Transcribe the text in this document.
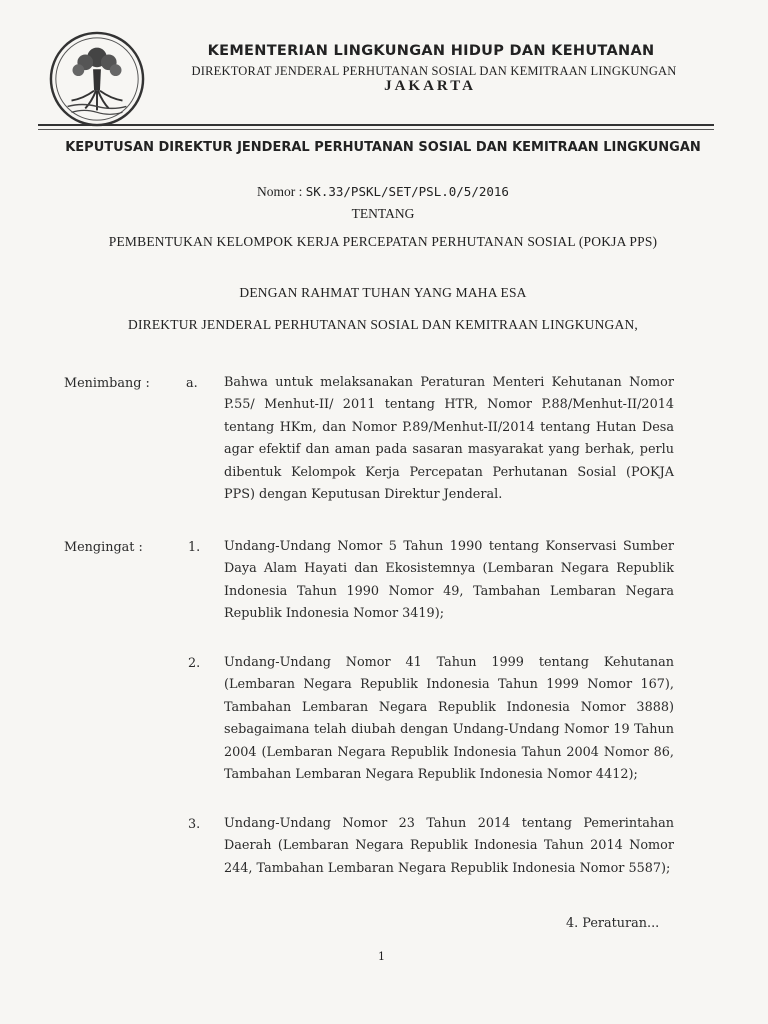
KEMENTERIAN LINGKUNGAN HIDUP DAN KEHUTANAN
DIREKTORAT JENDERAL PERHUTANAN SOSIAL DAN KEMITRAAN LINGKUNGAN
JAKARTA
KEPUTUSAN DIREKTUR JENDERAL PERHUTANAN SOSIAL DAN KEMITRAAN LINGKUNGAN
Nomor : SK.33/PSKL/SET/PSL.0/5/2016
TENTANG
PEMBENTUKAN KELOMPOK KERJA PERCEPATAN PERHUTANAN SOSIAL (POKJA PPS)
DENGAN RAHMAT TUHAN YANG MAHA ESA
DIREKTUR JENDERAL PERHUTANAN SOSIAL DAN KEMITRAAN LINGKUNGAN,
Menimbang :	a. Bahwa untuk melaksanakan Peraturan Menteri Kehutanan Nomor P.55/ Menhut-II/ 2011 tentang HTR, Nomor P.88/Menhut-II/2014 tentang HKm, dan Nomor P.89/Menhut-II/2014 tentang Hutan Desa agar efektif dan aman pada sasaran masyarakat yang berhak, perlu dibentuk Kelompok Kerja Percepatan Perhutanan Sosial (POKJA PPS) dengan Keputusan Direktur Jenderal.
Mengingat :	1. Undang-Undang Nomor 5 Tahun 1990 tentang Konservasi Sumber Daya Alam Hayati dan Ekosistemnya (Lembaran Negara Republik Indonesia Tahun 1990 Nomor 49, Tambahan Lembaran Negara Republik Indonesia Nomor 3419);
2. Undang-Undang Nomor 41 Tahun 1999 tentang Kehutanan (Lembaran Negara Republik Indonesia Tahun 1999 Nomor 167), Tambahan Lembaran Negara Republik Indonesia Nomor 3888) sebagaimana telah diubah dengan Undang-Undang Nomor 19 Tahun 2004 (Lembaran Negara Republik Indonesia Tahun 2004 Nomor 86, Tambahan Lembaran Negara Republik Indonesia Nomor 4412);
3. Undang-Undang Nomor 23 Tahun 2014 tentang Pemerintahan Daerah (Lembaran Negara Republik Indonesia Tahun 2014 Nomor 244, Tambahan Lembaran Negara Republik Indonesia Nomor 5587);
4. Peraturan...
1
